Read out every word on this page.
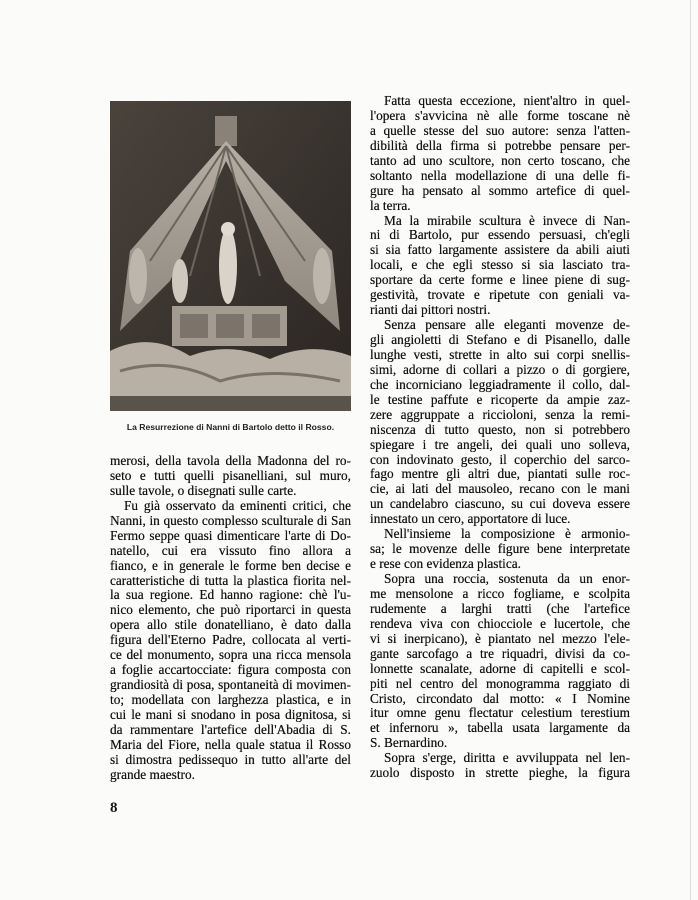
La Resurrezione di Nanni di Bartolo detto il Rosso.
merosi, della tavola della Madonna del ro-
seto e tutti quelli pisanelliani, sul muro,
sulle tavole, o disegnati sulle carte.
Fu già osservato da eminenti critici, che
Nanni, in questo complesso sculturale di San
Fermo seppe quasi dimenticare l'arte di Do-
natello, cui era vissuto fino allora a
fianco, e in generale le forme ben decise e
caratteristiche di tutta la plastica fiorita nel-
la sua regione. Ed hanno ragione: chè l'u-
nico elemento, che può riportarci in questa
opera allo stile donatelliano, è dato dalla
figura dell'Eterno Padre, collocata al verti-
ce del monumento, sopra una ricca mensola
a foglie accartocciate: figura composta con
grandiosità di posa, spontaneità di movimen-
to; modellata con larghezza plastica, e in
cui le mani si snodano in posa dignitosa, si
da rammentare l'artefice dell'Abadia di S.
Maria del Fiore, nella quale statua il Rosso
si dimostra pedissequo in tutto all'arte del
grande maestro.
Fatta questa eccezione, nient'altro in quel-
l'opera s'avvicina nè alle forme toscane nè
a quelle stesse del suo autore: senza l'atten-
dibilità della firma si potrebbe pensare per-
tanto ad uno scultore, non certo toscano, che
soltanto nella modellazione di una delle fi-
gure ha pensato al sommo artefice di quel-
la terra.
Ma la mirabile scultura è invece di Nan-
ni di Bartolo, pur essendo persuasi, ch'egli
si sia fatto largamente assistere da abili aiuti
locali, e che egli stesso si sia lasciato tra-
sportare da certe forme e linee piene di sug-
gestività, trovate e ripetute con geniali va-
rianti dai pittori nostri.
Senza pensare alle eleganti movenze de-
gli angioletti di Stefano e di Pisanello, dalle
lunghe vesti, strette in alto sui corpi snellis-
simi, adorne di collari a pizzo o di gorgiere,
che incorniciano leggiadramente il collo, dal-
le testine paffute e ricoperte da ampie zaz-
zere aggruppate a riccioloni, senza la remi-
niscenza di tutto questo, non si potrebbero
spiegare i tre angeli, dei quali uno solleva,
con indovinato gesto, il coperchio del sarco-
fago mentre gli altri due, piantati sulle roc-
cie, ai lati del mausoleo, recano con le mani
un candelabro ciascuno, su cui doveva essere
innestato un cero, apportatore di luce.
Nell'insieme la composizione è armonio-
sa; le movenze delle figure bene interpretate
e rese con evidenza plastica.
Sopra una roccia, sostenuta da un enor-
me mensolone a ricco fogliame, e scolpita
rudemente a larghi tratti (che l'artefice
rendeva viva con chiocciole e lucertole, che
vi si inerpicano), è piantato nel mezzo l'ele-
gante sarcofago a tre riquadri, divisi da co-
lonnette scanalate, adorne di capitelli e scol-
piti nel centro del monogramma raggiato di
Cristo, circondato dal motto: « I Nomine
itur omne genu flectatur celestium terestium
et infernoru », tabella usata largamente da
S. Bernardino.
Sopra s'erge, diritta e avviluppata nel len-
zuolo disposto in strette pieghe, la figura
8
